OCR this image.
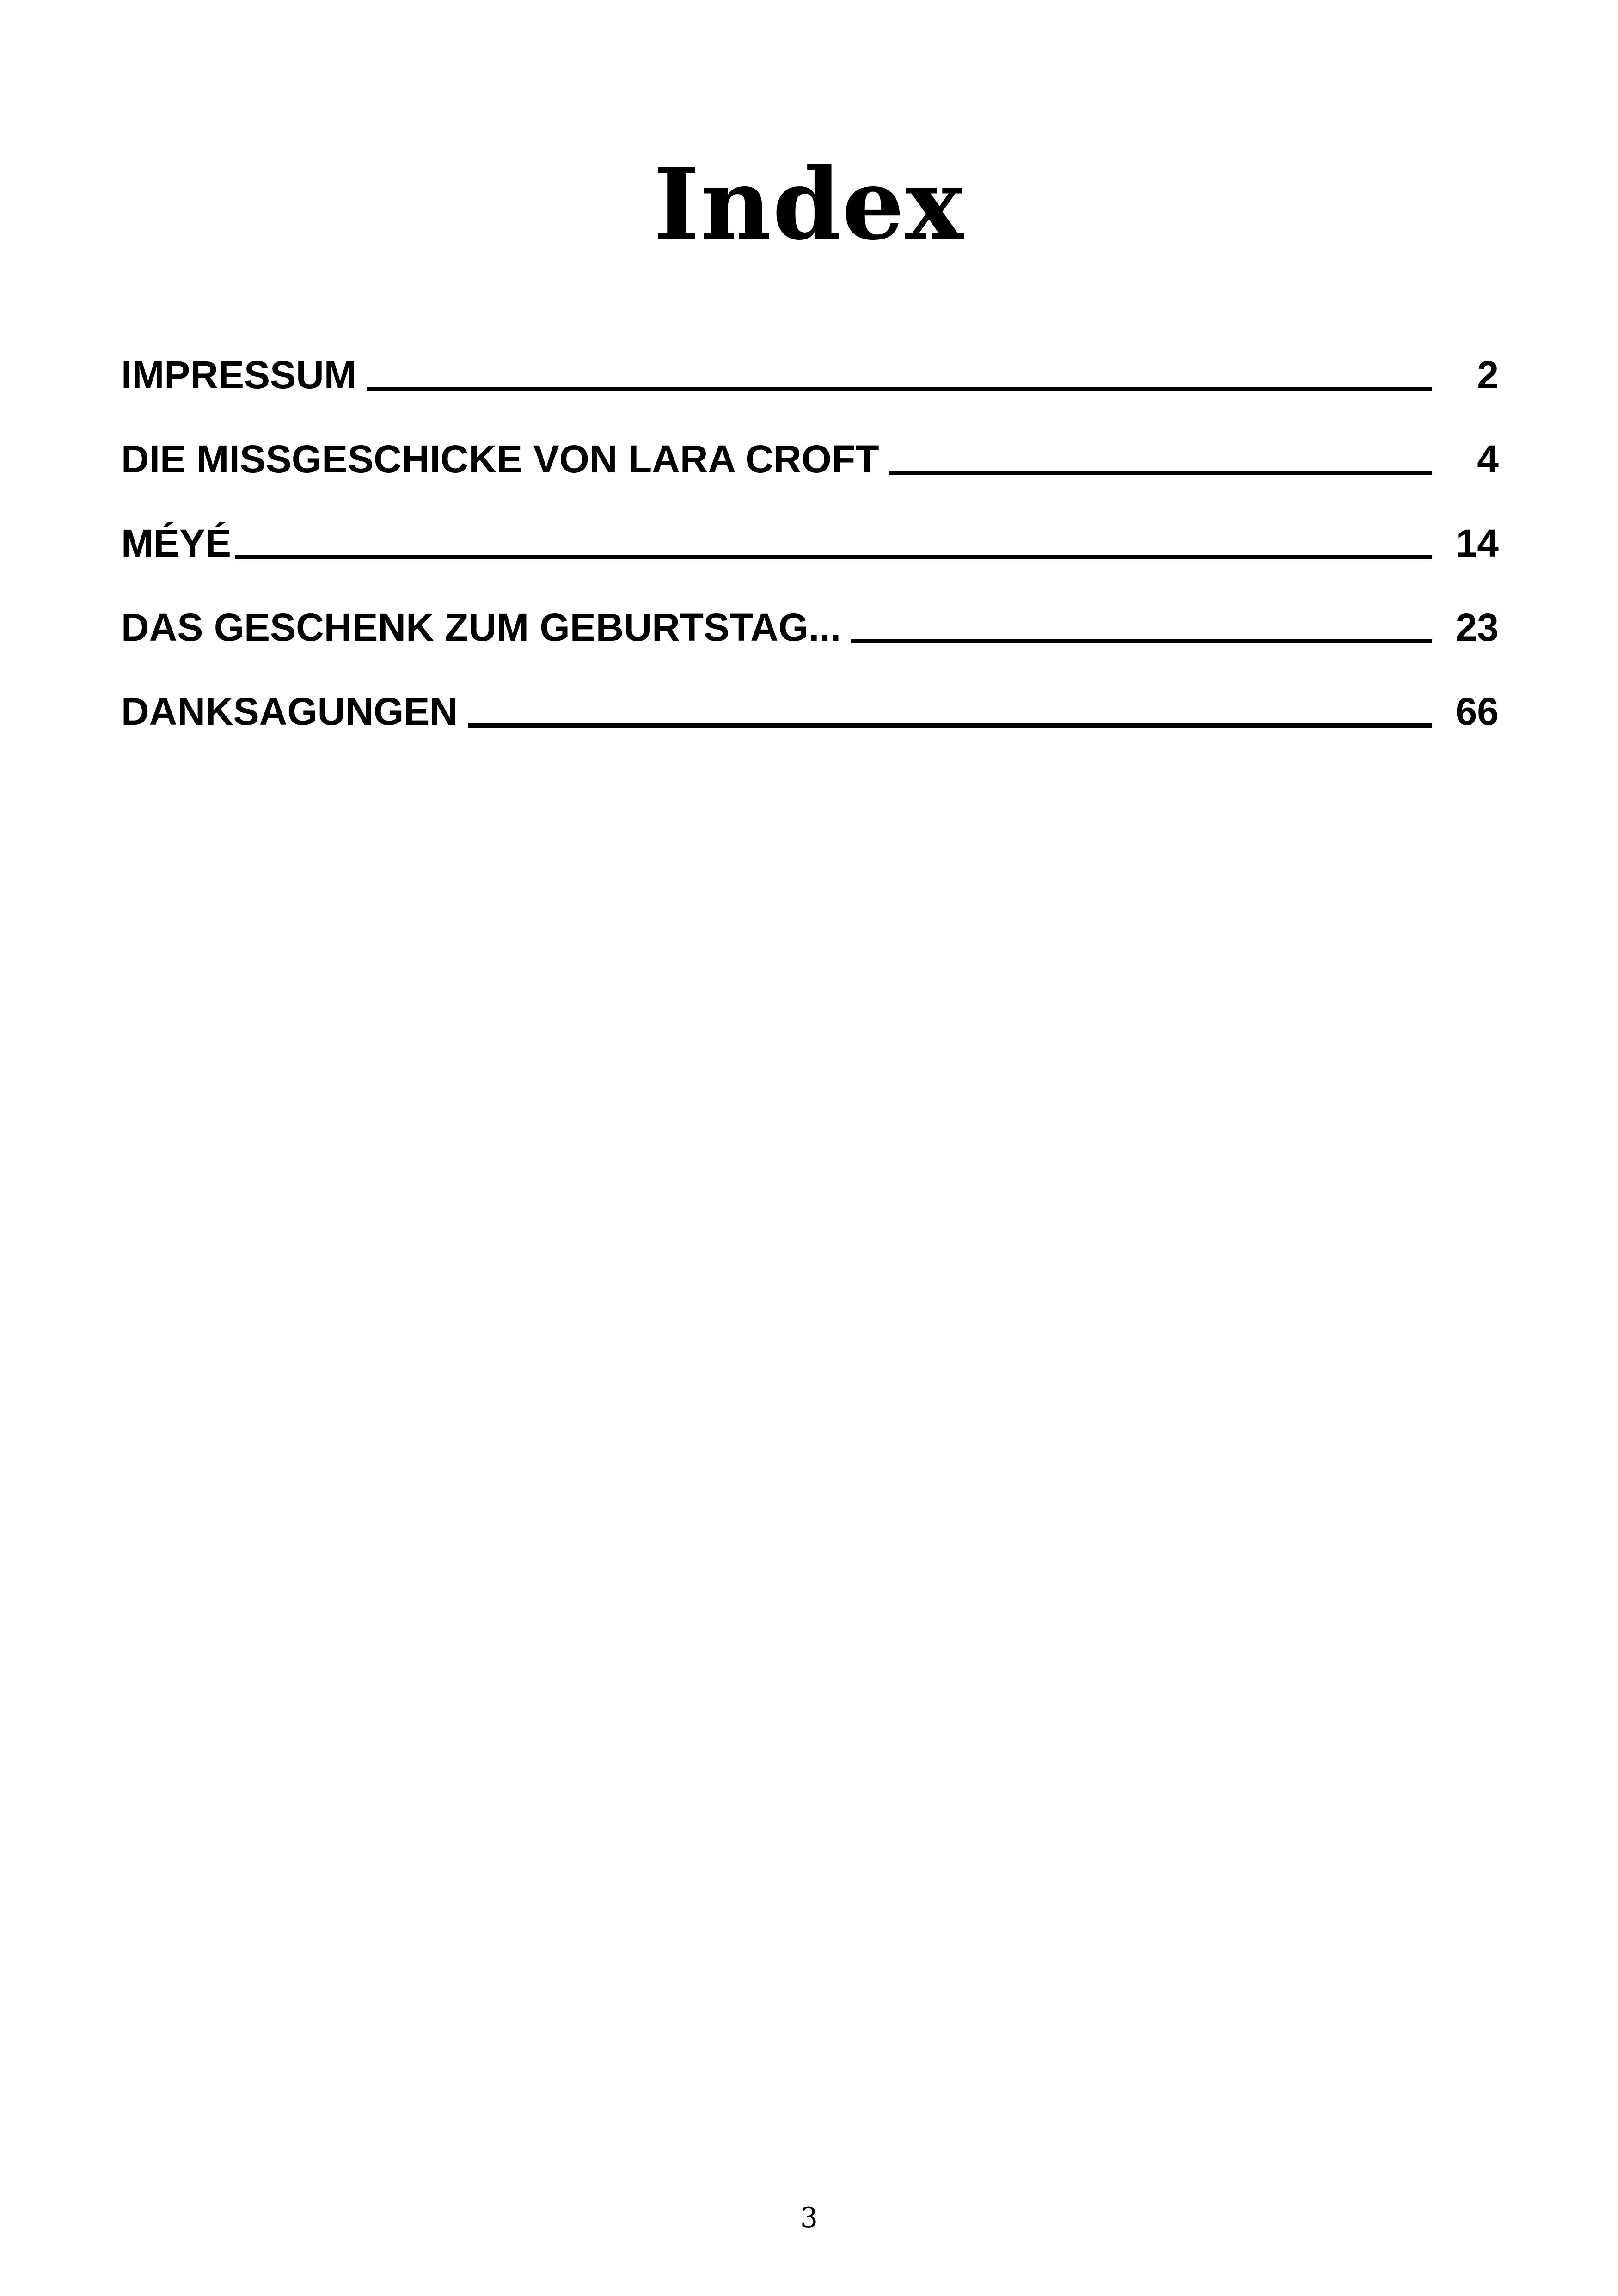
Index
IMPRESSUM	2
DIE MISSGESCHICKE VON LARA CROFT	4
MÉYÉ	14
DAS GESCHENK ZUM GEBURTSTAG...	23
DANKSAGUNGEN	66
3
